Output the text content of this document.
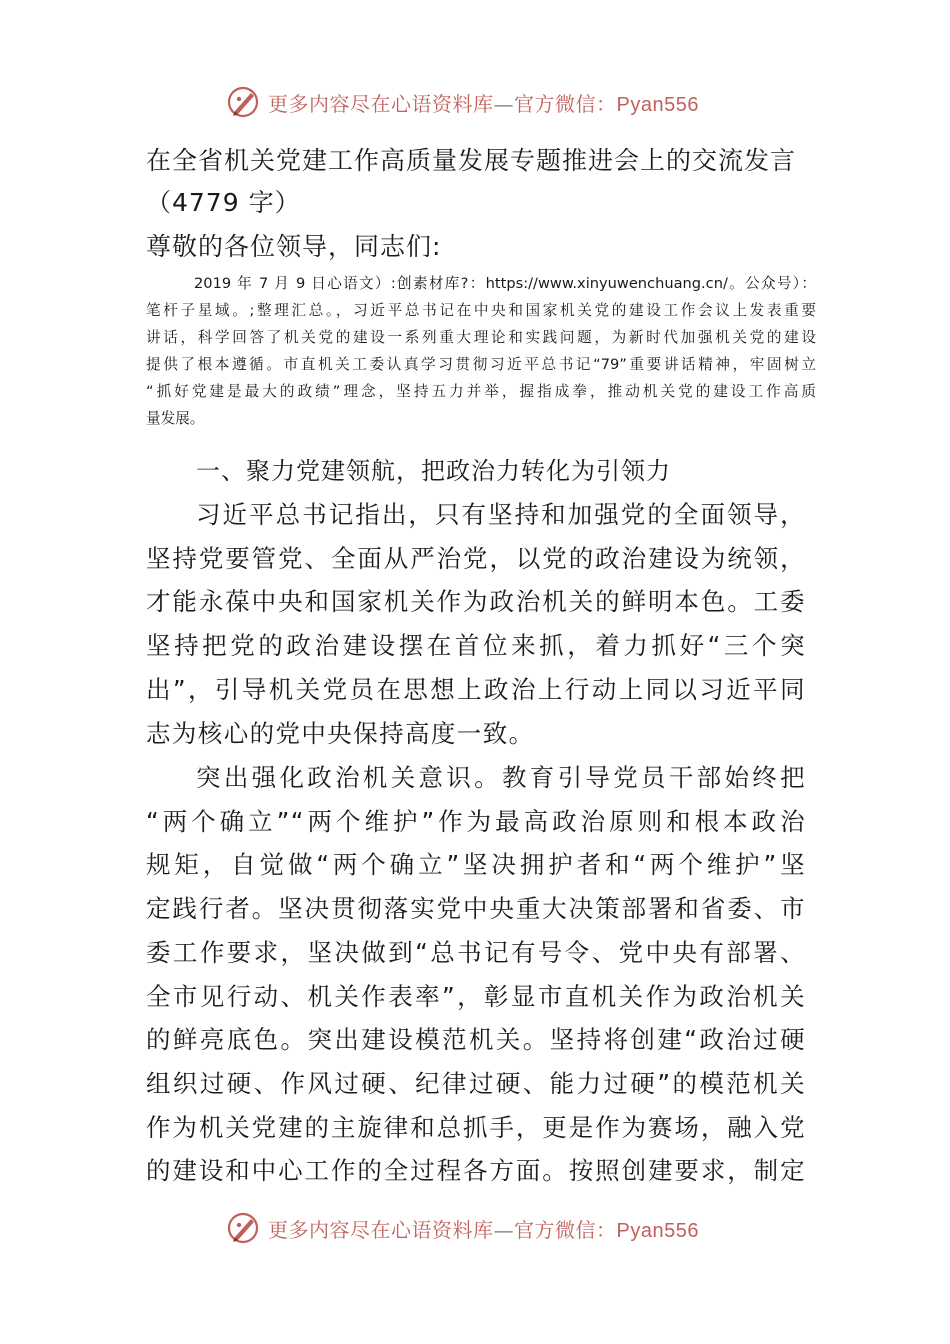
更多内容尽在心语资料库—官方微信：Pyan556
在全省机关党建工作高质量发展专题推进会上的交流发言
（4779 字）
尊敬的各位领导，同志们:
2019 年 7 月 9 日心语文）:创素材库?：https://www.xinyuwenchuang.cn/。公众号）：
笔杆子星域。;整理汇总。，习近平总书记在中央和国家机关党的建设工作会议上发表重要
讲话，科学回答了机关党的建设一系列重大理论和实践问题，为新时代加强机关党的建设
提供了根本遵循。市直机关工委认真学习贯彻习近平总书记“79”重要讲话精神，牢固树立
“抓好党建是最大的政绩”理念，坚持五力并举，握指成拳，推动机关党的建设工作高质
量发展。
一、聚力党建领航，把政治力转化为引领力
习近平总书记指出，只有坚持和加强党的全面领导，
坚持党要管党、全面从严治党，以党的政治建设为统领，
才能永葆中央和国家机关作为政治机关的鲜明本色。工委
坚持把党的政治建设摆在首位来抓，着力抓好“三个突
出”，引导机关党员在思想上政治上行动上同以习近平同
志为核心的党中央保持高度一致。
突出强化政治机关意识。教育引导党员干部始终把
“两个确立”“两个维护”作为最高政治原则和根本政治
规矩，自觉做“两个确立”坚决拥护者和“两个维护”坚
定践行者。坚决贯彻落实党中央重大决策部署和省委、市
委工作要求，坚决做到“总书记有号令、党中央有部署、
全市见行动、机关作表率”，彰显市直机关作为政治机关
的鲜亮底色。突出建设模范机关。坚持将创建“政治过硬
组织过硬、作风过硬、纪律过硬、能力过硬”的模范机关
作为机关党建的主旋律和总抓手，更是作为赛场，融入党
的建设和中心工作的全过程各方面。按照创建要求，制定
更多内容尽在心语资料库—官方微信：Pyan556
